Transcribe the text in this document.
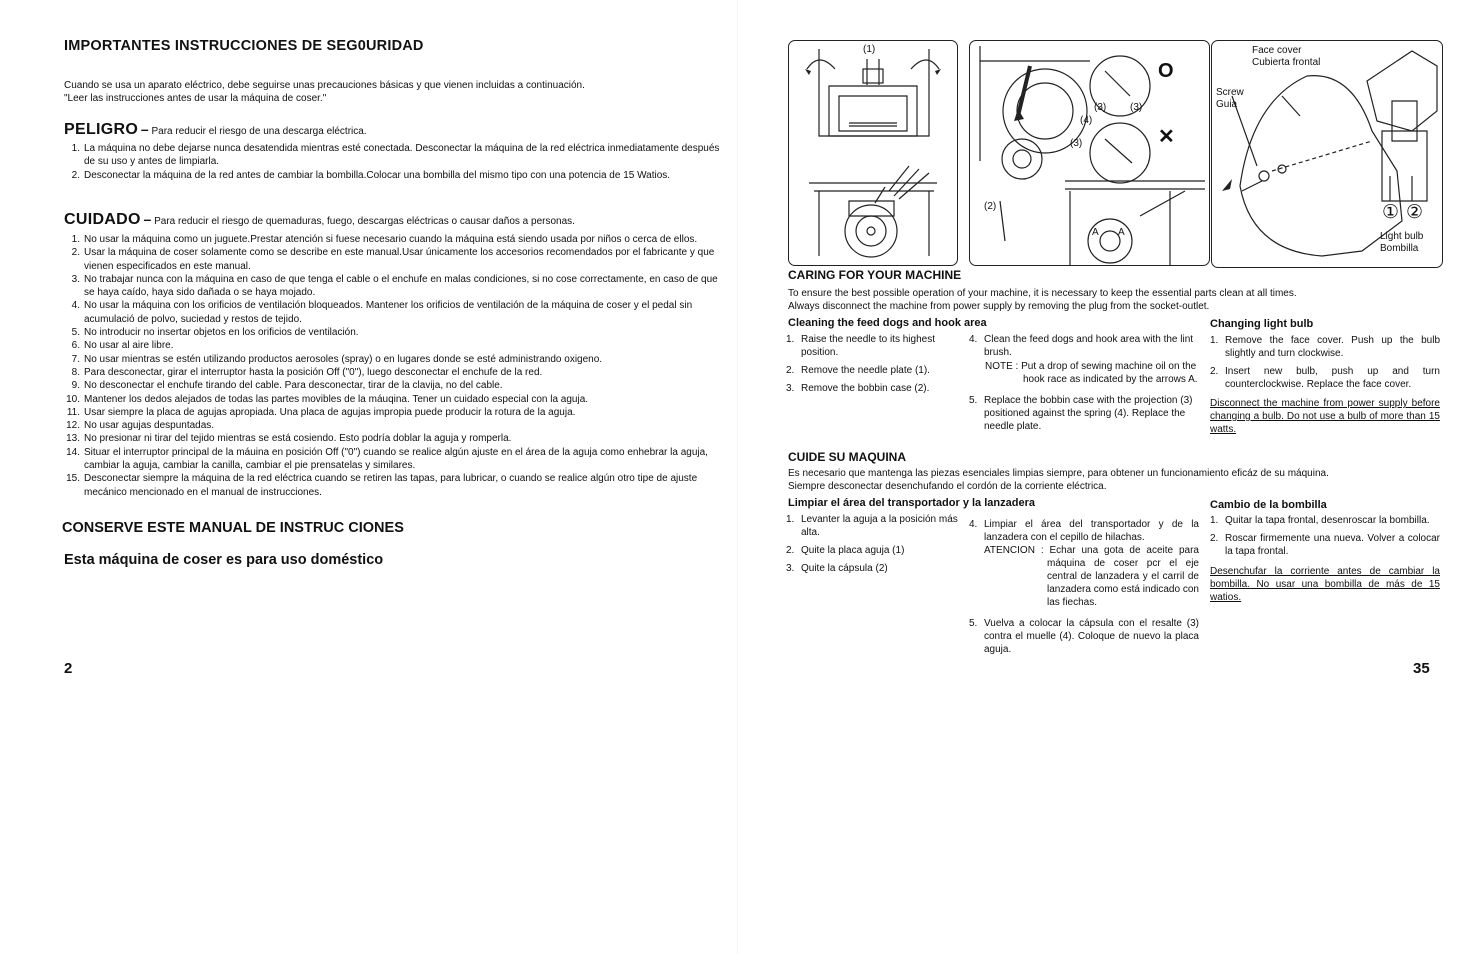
IMPORTANTES INSTRUCCIONES DE SEG0URIDAD
Cuando se usa un aparato eléctrico, debe seguirse unas precauciones básicas y que vienen incluidas a continuación.
"Leer las instrucciones antes de usar la máquina de coser."
PELIGRO – Para reducir el riesgo de una descarga eléctrica.
1. La máquina no debe dejarse nunca desatendida mientras esté conectada. Desconectar la máquina de la red eléctrica inmediatamente después de su uso y antes de limpiarla.
2. Desconectar la máquina de la red antes de cambiar la bombilla.Colocar una bombilla del mismo tipo con una potencia de 15 Watios.
CUIDADO – Para reducir el riesgo de quemaduras, fuego, descargas eléctricas o causar daños a personas.
1. No usar la máquina como un juguete.Prestar atención si fuese necesario cuando la máquina está siendo usada por niños o cerca de ellos.
2. Usar la máquina de coser solamente como se describe en este manual.Usar únicamente los accesorios recomendados por el fabricante y que vienen especificados en este manual.
3. No trabajar nunca con la máquina en caso de que tenga el cable o el enchufe en malas condiciones, si no cose correctamente, en caso de que se haya caído, haya sido dañada o se haya mojado.
4. No usar la máquina con los orificios de ventilación bloqueados. Mantener los orificios de ventilación de la máquina de coser y el pedal sin acumulació de polvo, suciedad y restos de tejido.
5. No introducir no insertar objetos en los orificios de ventilación.
6. No usar al aire libre.
7. No usar mientras se estén utilizando productos aerosoles (spray) o en lugares donde se esté administrando oxigeno.
8. Para desconectar, girar el interruptor hasta la posición Off ("0"), luego desconectar el enchufe de la red.
9. No desconectar el enchufe tirando del cable. Para desconectar, tirar de la clavija, no del cable.
10. Mantener los dedos alejados de todas las partes movibles de la máuqina. Tener un cuidado especial con la aguja.
11. Usar siempre la placa de agujas apropiada. Una placa de agujas impropia puede producir la rotura de la aguja.
12. No usar agujas despuntadas.
13. No presionar ni tirar del tejido mientras se está cosiendo. Esto podría doblar la aguja y romperla.
14. Situar el interruptor principal de la máuina en posición Off ("0") cuando se realice algún ajuste en el área de la aguja como enhebrar la aguja, cambiar la aguja, cambiar la canilla, cambiar el pie prensatelas y similares.
15. Desconectar siempre la máquina de la red eléctrica cuando se retiren las tapas, para lubricar, o cuando se realice algún otro tipe de ajuste mecánico mencionado en el manual de instrucciones.
CONSERVE ESTE MANUAL DE INSTRUC CIONES
Esta máquina de coser es para uso doméstico
2
(1)
(4)
(3)
(2)
(3) (3)
A A
O
✕
Face cover
Cubierta frontal
Screw
Guia
① ②
Light bulb
Bombilla
CARING FOR YOUR MACHINE
To ensure the best possible operation of your machine, it is necessary to keep the essential parts clean at all times.
Always disconnect the machine from power supply by removing the plug from the socket-outlet.
Cleaning the feed dogs and hook area
1. Raise the needle to its highest position.
2. Remove the needle plate (1).
3. Remove the bobbin case (2).
4. Clean the feed dogs and hook area with the lint brush.
NOTE : Put a drop of sewing machine oil on the hook race as indicated by the arrows A.
5. Replace the bobbin case with the projection (3) positioned against the spring (4). Replace the needle plate.
Changing light bulb
1. Remove the face cover. Push up the bulb slightly and turn clockwise.
2. Insert new bulb, push up and turn counterclockwise. Replace the face cover.
Disconnect the machine from power supply before changing a bulb. Do not use a bulb of more than 15 watts.
CUIDE SU MAQUINA
Es necesario que mantenga las piezas esenciales limpias siempre, para obtener un funcionamiento eficáz de su máquina.
Siempre desconectar desenchufando el cordón de la corriente eléctrica.
Limpiar el área del transportador y la lanzadera
1. Levanter la aguja a la posición más alta.
2. Quite la placa aguja (1)
3. Quite la cápsula (2)
4. Limpiar el área del transportador y de la lanzadera con el cepillo de hilachas.
ATENCION : Echar una gota de aceite para máquina de coser pcr el eje central de lanzadera y el carril de lanzadera como está indicado con las fiechas.
5. Vuelva a colocar la cápsula con el resalte (3) contra el muelle (4). Coloque de nuevo la placa aguja.
Cambio de la bombilla
1. Quitar la tapa frontal, desenroscar la bombilla.
2. Roscar firmemente una nueva. Volver a colocar la tapa frontal.
Desenchufar la corriente antes de cambiar la bombilla. No usar una bombilla de más de 15 watios.
35
